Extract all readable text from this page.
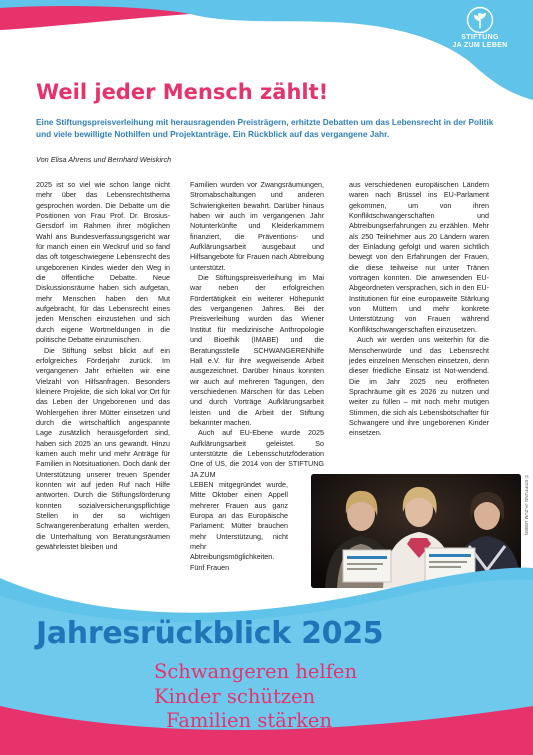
STIFTUNG
JA ZUM LEBEN
Weil jeder Mensch zählt!

Eine Stiftungspreisverleihung mit herausragenden Preisträgern, erhitzte Debatten um das Lebensrecht in der Politik und viele bewilligte Nothilfen und Projektanträge. Ein Rückblick auf das vergangene Jahr.

Von Elisa Ahrens und Bernhard Weiskirch

2025 ist so viel wie schon lange nicht mehr über das Lebensrechtsthema gesprochen worden. Die Debatte um die Positionen von Frau Prof. Dr. Brosius-Gersdorf im Rahmen ihrer möglichen Wahl ans Bundesverfassungsgericht war für manch einen ein Weckruf und so fand das oft totgeschwiegene Lebensrecht des ungeborenen Kindes wieder den Weg in die öffentliche Debatte. Neue Diskussionsräume haben sich aufgetan, mehr Menschen haben den Mut aufgebracht, für das Lebensrecht eines jeden Menschen einzustehen und sich durch eigene Wortmeldungen in die politische Debatte einzumischen.

Die Stiftung selbst blickt auf ein erfolgreiches Förderjahr zurück. Im vergangenen Jahr erhielten wir eine Vielzahl von Hilfsanfragen. Besonders kleinere Projekte, die sich lokal vor Ort für das Leben der Ungeborenen und das Wohlergehen ihrer Mütter einsetzen und durch die wirtschaftlich angespannte Lage zusätzlich herausgefordert sind, haben sich 2025 an uns gewandt. Hinzu kamen auch mehr und mehr Anträge für Familien in Notsituationen. Doch dank der Unterstützung unserer treuen Spender konnten wir auf jeden Ruf nach Hilfe antworten. Durch die Stiftungsförderung konnten sozialversicherungspflichtige Stellen in der so wichtigen Schwangerenberatung erhalten werden, die Unterhaltung von Beratungsräumen gewährleistet bleiben und

Familien wurden vor Zwangsräumungen, Stromabschaltungen und anderen Schwierigkeiten bewahrt. Darüber hinaus haben wir auch im vergangenen Jahr Notunterkünfte und Kleiderkammern finanziert, die Präventions- und Aufklärungsarbeit ausgebaut und Hilfsangebote für Frauen nach Abtreibung unterstützt.

Die Stiftungspreisverleihung im Mai war neben der erfolgreichen Fördertätigkeit ein weiterer Höhepunkt des vergangenen Jahres. Bei der Preisverleihung wurden das Wiener Institut für medizinische Anthropologie und Bioethik (IMABE) und die Beratungsstelle SCHWANGERENhilfe Hall e.V. für ihre wegweisende Arbeit ausgezeichnet. Darüber hinaus konnten wir auch auf mehreren Tagungen, den verschiedenen Märschen für das Leben und durch Vorträge Aufklärungsarbeit leisten und die Arbeit der Stiftung bekannter machen.

Auch auf EU-Ebene wurde 2025 Aufklärungsarbeit geleistet. So unterstützte die Lebensschutzföderation One of US, die 2014 von der STIFTUNG JA ZUM
LEBEN mitgegründet wurde, Mitte Oktober einen Appell mehrerer Frauen aus ganz Europa an das Europäische Parlament: Mütter brauchen mehr Unterstützung, nicht mehr Abtreibungsmöglichkeiten. Fünf Frauen

aus verschiedenen europäischen Ländern waren nach Brüssel ins EU-Parlament gekommen, um von ihren Konfliktschwangerschaften und Abtreibungserfahrungen zu erzählen. Mehr als 250 Teilnehmer aus 20 Ländern waren der Einladung gefolgt und waren sichtlich bewegt von den Erfahrungen der Frauen, die diese teilweise nur unter Tränen vortragen konnten. Die anwesenden EU-Abgeordneten versprachen, sich in den EU-Institutionen für eine europaweite Stärkung von Müttern und mehr konkrete Unterstützung von Frauen während Konfliktschwangerschaften einzusetzen.

Auch wir werden uns weiterhin für die Menschenwürde und das Lebensrecht jedes einzelnen Menschen einsetzen, denn dieser friedliche Einsatz ist Not-wendend. Die im Jahr 2025 neu eröffneten Sprachräume gilt es 2026 zu nutzen und weiter zu füllen – mit noch mehr mutigen Stimmen, die sich als Lebensbotschafter für Schwangere und ihre ungeborenen Kinder einsetzen.

© STIFTUNG JA ZUM LEBEN
Jahresrückblick 2025

Schwangeren helfen

Kinder schützen

Familien stärken
